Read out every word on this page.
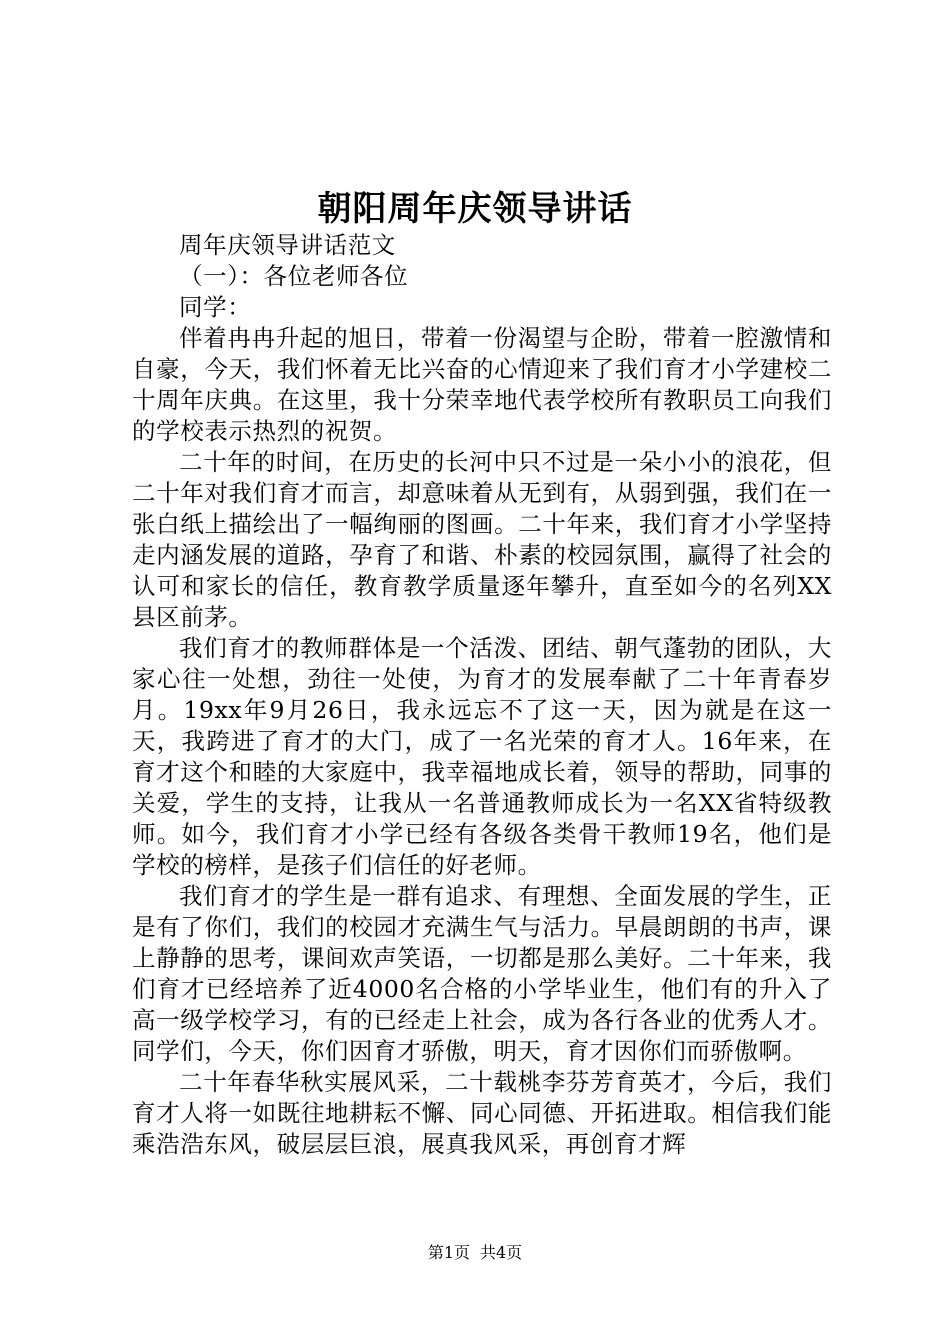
朝阳周年庆领导讲话

周年庆领导讲话范文

（一）：各位老师各位

同学：

伴着冉冉升起的旭日，带着一份渴望与企盼，带着一腔激情和自豪，今天，我们怀着无比兴奋的心情迎来了我们育才小学建校二十周年庆典。在这里，我十分荣幸地代表学校所有教职员工向我们的学校表示热烈的祝贺。

二十年的时间，在历史的长河中只不过是一朵小小的浪花，但二十年对我们育才而言，却意味着从无到有，从弱到强，我们在一张白纸上描绘出了一幅绚丽的图画。二十年来，我们育才小学坚持走内涵发展的道路，孕育了和谐、朴素的校园氛围，赢得了社会的认可和家长的信任，教育教学质量逐年攀升，直至如今的名列XX县区前茅。

我们育才的教师群体是一个活泼、团结、朝气蓬勃的团队，大家心往一处想，劲往一处使，为育才的发展奉献了二十年青春岁月。19xx年9月26日，我永远忘不了这一天，因为就是在这一天，我跨进了育才的大门，成了一名光荣的育才人。16年来，在育才这个和睦的大家庭中，我幸福地成长着，领导的帮助，同事的关爱，学生的支持，让我从一名普通教师成长为一名XX省特级教师。如今，我们育才小学已经有各级各类骨干教师19名，他们是学校的榜样，是孩子们信任的好老师。

我们育才的学生是一群有追求、有理想、全面发展的学生，正是有了你们，我们的校园才充满生气与活力。早晨朗朗的书声，课上静静的思考，课间欢声笑语，一切都是那么美好。二十年来，我们育才已经培养了近4000名合格的小学毕业生，他们有的升入了高一级学校学习，有的已经走上社会，成为各行各业的优秀人才。同学们，今天，你们因育才骄傲，明天，育才因你们而骄傲啊。

二十年春华秋实展风采，二十载桃李芬芳育英才，今后，我们育才人将一如既往地耕耘不懈、同心同德、开拓进取。相信我们能乘浩浩东风，破层层巨浪，展真我风采，再创育才辉

第1页 共4页
